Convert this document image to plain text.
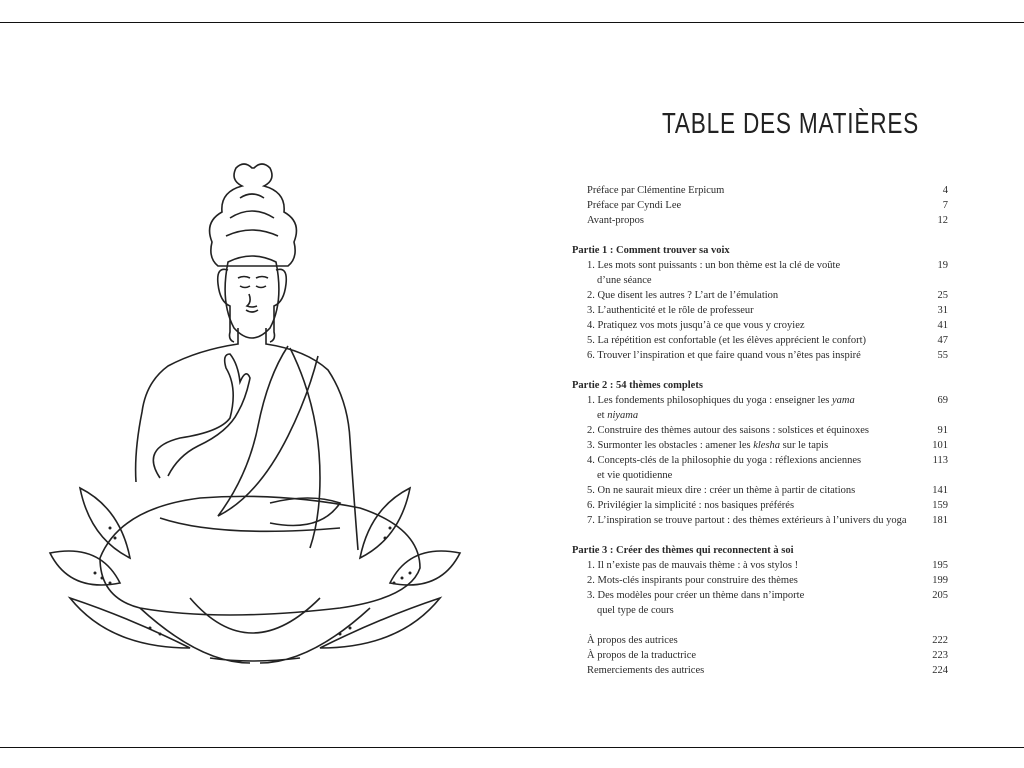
TABLE DES MATIÈRES
Préface par Clémentine Erpicum	4
Préface par Cyndi Lee	7
Avant-propos	12
Partie 1 : Comment trouver sa voix
1. Les mots sont puissants : un bon thème est la clé de voûte	19
d’une séance
2. Que disent les autres ? L’art de l’émulation	25
3. L’authenticité et le rôle de professeur	31
4. Pratiquez vos mots jusqu’à ce que vous y croyiez	41
5. La répétition est confortable (et les élèves apprécient le confort)	47
6. Trouver l’inspiration et que faire quand vous n’êtes pas inspiré	55
Partie 2 : 54 thèmes complets
1. Les fondements philosophiques du yoga : enseigner les yama	69
et niyama
2. Construire des thèmes autour des saisons : solstices et équinoxes	91
3. Surmonter les obstacles : amener les klesha sur le tapis	101
4. Concepts-clés de la philosophie du yoga : réflexions anciennes	113
et vie quotidienne
5. On ne saurait mieux dire : créer un thème à partir de citations	141
6. Privilégier la simplicité : nos basiques préférés	159
7. L’inspiration se trouve partout : des thèmes extérieurs à l’univers du yoga	181
Partie 3 : Créer des thèmes qui reconnectent à soi
1. Il n’existe pas de mauvais thème : à vos stylos !	195
2. Mots-clés inspirants pour construire des thèmes	199
3. Des modèles pour créer un thème dans n’importe	205
quel type de cours
À propos des autrices	222
À propos de la traductrice	223
Remerciements des autrices	224
